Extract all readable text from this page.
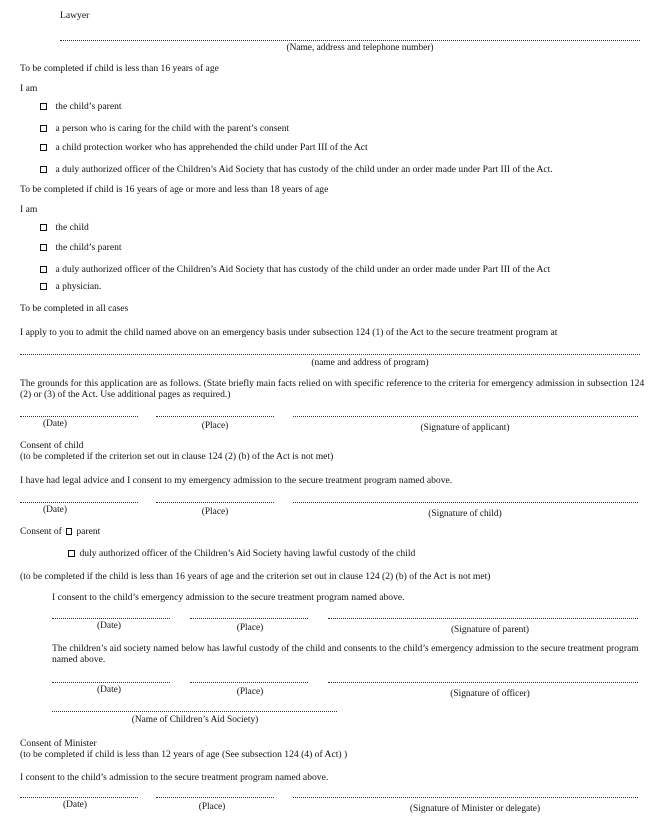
Lawyer
(Name, address and telephone number)
To be completed if child is less than 16 years of age
I am
the child’s parent
a person who is caring for the child with the parent’s consent
a child protection worker who has apprehended the child under Part III of the Act
a duly authorized officer of the Children’s Aid Society that has custody of the child under an order made under Part III of the Act.
To be completed if child is 16 years of age or more and less than 18 years of age
I am
the child
the child’s parent
a duly authorized officer of the Children’s Aid Society that has custody of the child under an order made under Part III of the Act
a physician.
To be completed in all cases
I apply to you to admit the child named above on an emergency basis under subsection 124 (1) of the Act to the secure treatment program at
(name and address of program)
The grounds for this application are as follows. (State briefly main facts relied on with specific reference to the criteria for emergency admission in subsection 124 (2) or (3) of the Act. Use additional pages as required.)
(Date)	(Place)	(Signature of applicant)
Consent of child
(to be completed if the criterion set out in clause 124 (2) (b) of the Act is not met)
I have had legal advice and I consent to my emergency admission to the secure treatment program named above.
(Date)	(Place)	(Signature of child)
Consent of parent
duly authorized officer of the Children’s Aid Society having lawful custody of the child
(to be completed if the child is less than 16 years of age and the criterion set out in clause 124 (2) (b) of the Act is not met)
I consent to the child’s emergency admission to the secure treatment program named above.
(Date)	(Place)	(Signature of parent)
The children’s aid society named below has lawful custody of the child and consents to the child’s emergency admission to the secure treatment program named above.
(Date)	(Place)	(Signature of officer)
(Name of Children’s Aid Society)
Consent of Minister
(to be completed if child is less than 12 years of age (See subsection 124 (4) of Act) )
I consent to the child’s admission to the secure treatment program named above.
(Date)	(Place)	(Signature of Minister or delegate)
